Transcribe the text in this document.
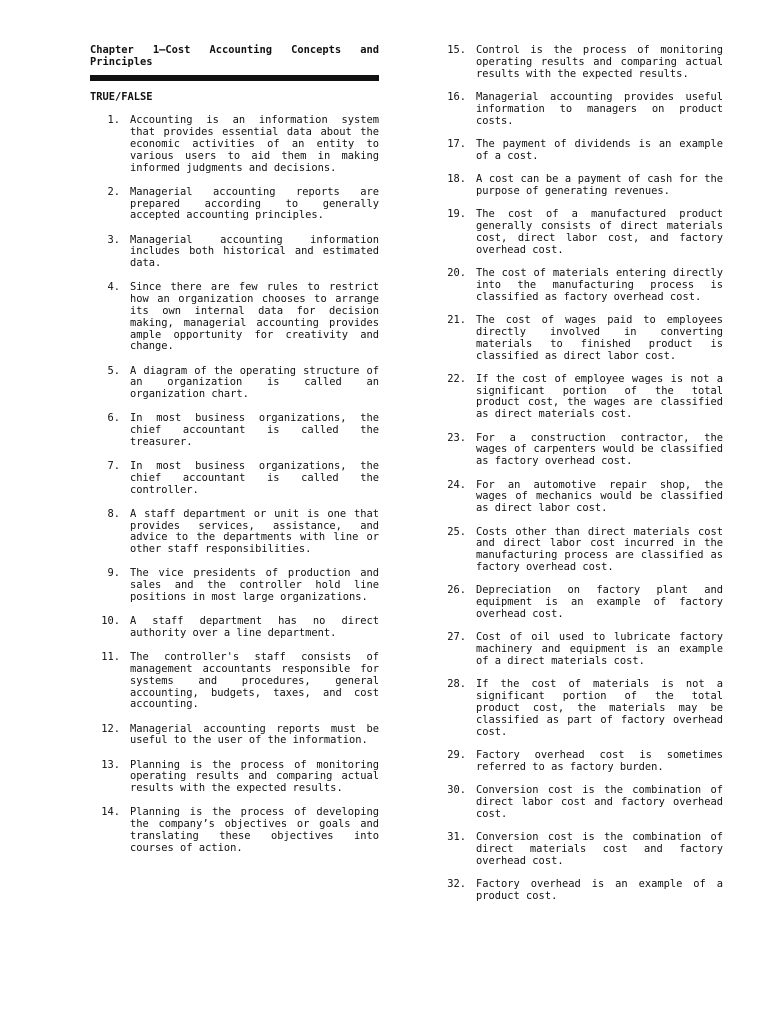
Chapter 1—Cost Accounting Concepts and Principles
TRUE/FALSE
1. Accounting is an information system that provides essential data about the economic activities of an entity to various users to aid them in making informed judgments and decisions.
2. Managerial accounting reports are prepared according to generally accepted accounting principles.
3. Managerial accounting information includes both historical and estimated data.
4. Since there are few rules to restrict how an organization chooses to arrange its own internal data for decision making, managerial accounting provides ample opportunity for creativity and change.
5. A diagram of the operating structure of an organization is called an organization chart.
6. In most business organizations, the chief accountant is called the treasurer.
7. In most business organizations, the chief accountant is called the controller.
8. A staff department or unit is one that provides services, assistance, and advice to the departments with line or other staff responsibilities.
9. The vice presidents of production and sales and the controller hold line positions in most large organizations.
10. A staff department has no direct authority over a line department.
11. The controller's staff consists of management accountants responsible for systems and procedures, general accounting, budgets, taxes, and cost accounting.
12. Managerial accounting reports must be useful to the user of the information.
13. Planning is the process of monitoring operating results and comparing actual results with the expected results.
14. Planning is the process of developing the company’s objectives or goals and translating these objectives into courses of action.
15. Control is the process of monitoring operating results and comparing actual results with the expected results.
16. Managerial accounting provides useful information to managers on product costs.
17. The payment of dividends is an example of a cost.
18. A cost can be a payment of cash for the purpose of generating revenues.
19. The cost of a manufactured product generally consists of direct materials cost, direct labor cost, and factory overhead cost.
20. The cost of materials entering directly into the manufacturing process is classified as factory overhead cost.
21. The cost of wages paid to employees directly involved in converting materials to finished product is classified as direct labor cost.
22. If the cost of employee wages is not a significant portion of the total product cost, the wages are classified as direct materials cost.
23. For a construction contractor, the wages of carpenters would be classified as factory overhead cost.
24. For an automotive repair shop, the wages of mechanics would be classified as direct labor cost.
25. Costs other than direct materials cost and direct labor cost incurred in the manufacturing process are classified as factory overhead cost.
26. Depreciation on factory plant and equipment is an example of factory overhead cost.
27. Cost of oil used to lubricate factory machinery and equipment is an example of a direct materials cost.
28. If the cost of materials is not a significant portion of the total product cost, the materials may be classified as part of factory overhead cost.
29. Factory overhead cost is sometimes referred to as factory burden.
30. Conversion cost is the combination of direct labor cost and factory overhead cost.
31. Conversion cost is the combination of direct materials cost and factory overhead cost.
32. Factory overhead is an example of a product cost.
